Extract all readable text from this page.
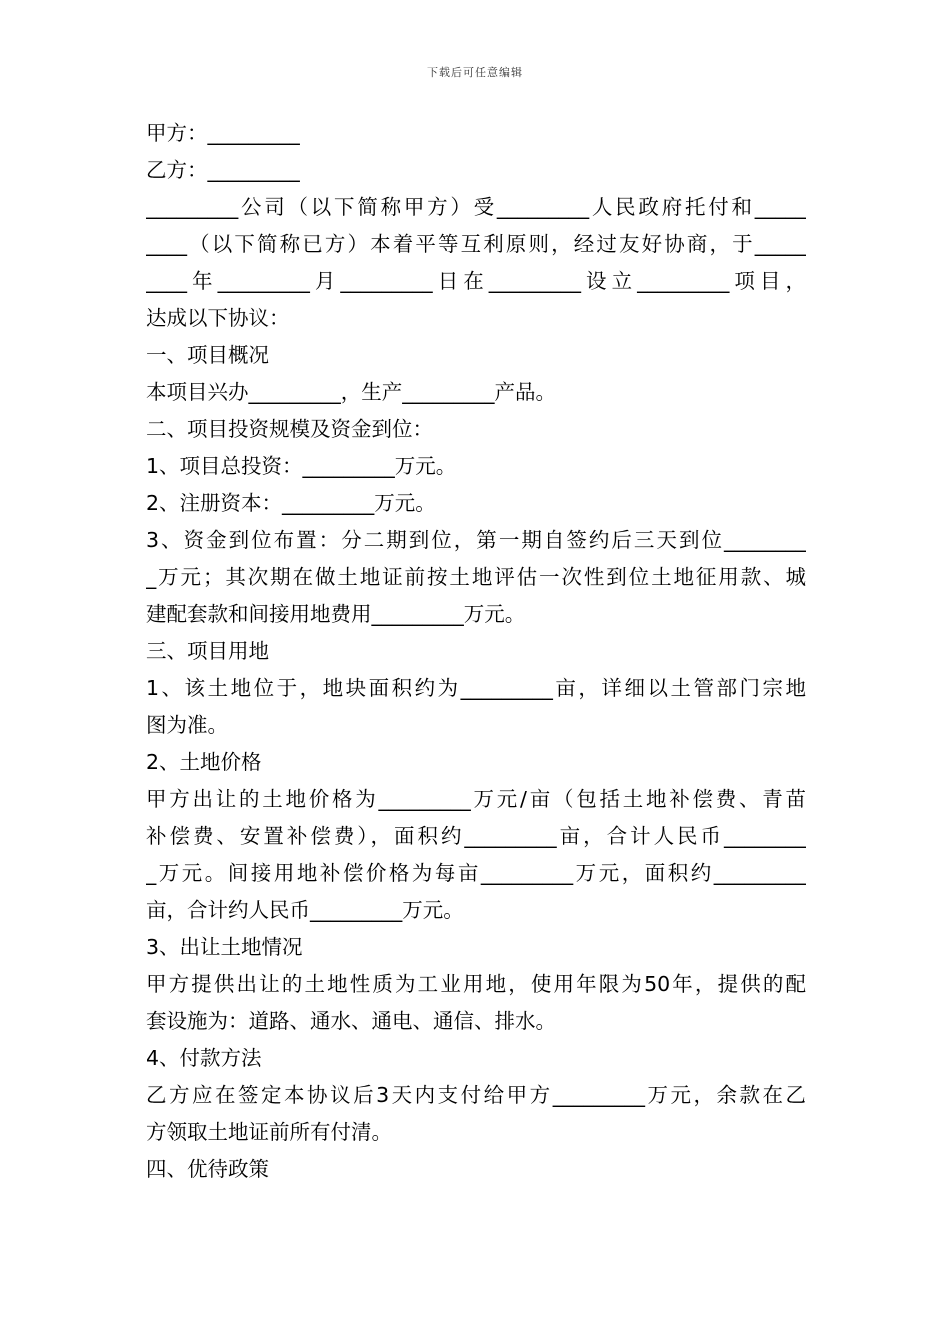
下载后可任意编辑
甲方：_________
乙方：_________
_________公司（以下简称甲方）受_________人民政府托付和_____
____（以下简称已方）本着平等互利原则，经过友好协商，于_____
____年_________月_________日在_________设立_________项目，
达成以下协议：
一、项目概况
本项目兴办_________，生产_________产品。
二、项目投资规模及资金到位：
1、项目总投资：_________万元。
2、注册资本：_________万元。
3、资金到位布置：分二期到位，第一期自签约后三天到位________
_万元；其次期在做土地证前按土地评估一次性到位土地征用款、城
建配套款和间接用地费用_________万元。
三、项目用地
1、该土地位于，地块面积约为_________亩，详细以土管部门宗地
图为准。
2、土地价格
甲方出让的土地价格为_________万元/亩（包括土地补偿费、青苗
补偿费、安置补偿费），面积约_________亩，合计人民币________
_万元。间接用地补偿价格为每亩_________万元，面积约_________
亩，合计约人民币_________万元。
3、出让土地情况
甲方提供出让的土地性质为工业用地，使用年限为50年，提供的配
套设施为：道路、通水、通电、通信、排水。
4、付款方法
乙方应在签定本协议后3天内支付给甲方_________万元，余款在乙
方领取土地证前所有付清。
四、优待政策
